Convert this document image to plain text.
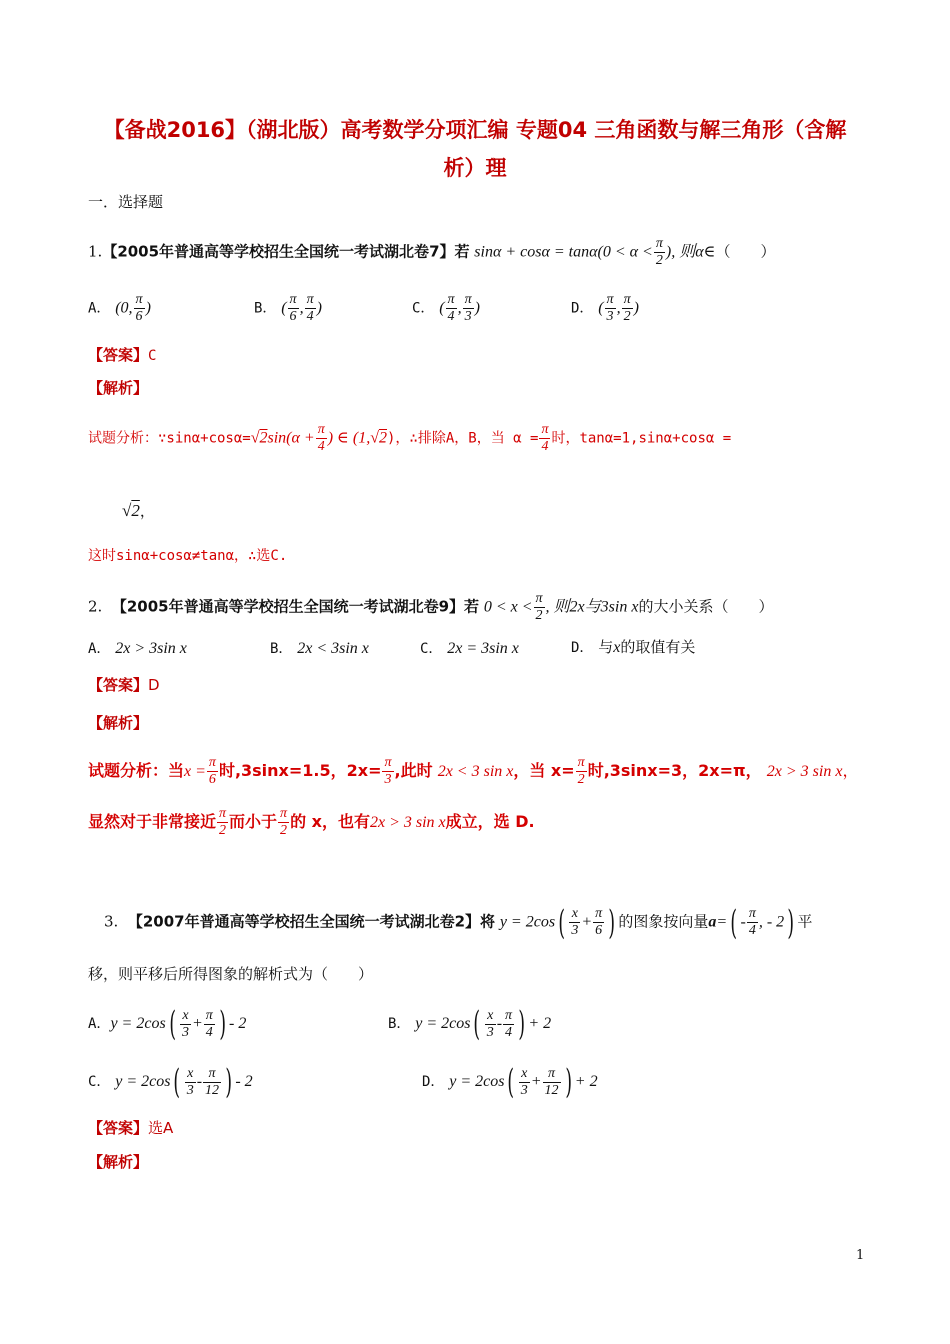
【备战2016】（湖北版）高考数学分项汇编 专题04 三角函数与解三角形（含解
析）理
一．选择题
1.【2005年普通高等学校招生全国统一考试湖北卷7】若 $\sin\alpha + \cos\alpha = \tan\alpha(0 < \alpha < \frac{\pi}{2}$ ), 则α∈（　　）
A． (0, $\frac{\pi}{6}$ )	B． ( $\frac{\pi}{6}$ , $\frac{\pi}{4}$ )	C． ( $\frac{\pi}{4}$ , $\frac{\pi}{3}$ )	D． ( $\frac{\pi}{3}$ , $\frac{\pi}{2}$ )
【答案】C
【解析】
试题分析：∵sinα+cosα=√2sin(α + $\frac{\pi}{4}$ ) ∈ (1,√2)，∴排除A，B，当 $\alpha = \frac{\pi}{4}$ 时，tanα=1,sinα+cosα =
√2，
这时sinα+cosα≠tanα，∴选C.
2. 【2005年普通高等学校招生全国统一考试湖北卷9】若 $0 < x < \frac{\pi}{2}$ , 则2x与3sin x的大小关系（　　）
A． 2x > 3sin x	B． 2x < 3sin x	C． 2x = 3sin x	D． 与x的取值有关
【答案】D
【解析】
试题分析：当$x = \frac{\pi}{6}$ 时,3sinx=1.5，$2x= \frac{\pi}{3}$ ,此时 2x < 3 sin x，当 $x= \frac{\pi}{2}$ 时,3sinx=3，2x=π， 2x > 3 sin x，
显然对于非常接近 $\frac{\pi}{2}$ 而小于 $\frac{\pi}{2}$ 的 x，也有2x > 3 sin x成立，选 D.
3. 【2007年普通高等学校招生全国统一考试湖北卷2】将 $y = 2\cos( \frac{x}{3} + \frac{\pi}{6}$ ) 的图象按向量$a=( - \frac{\pi}{4}$ , - 2) 平
移，则平移后所得图象的解析式为（　　）
A．$y = 2\cos( \frac{x}{3} + \frac{\pi}{4}$ ) - 2	B． $y = 2\cos( \frac{x}{3} - \frac{\pi}{4}$ ) + 2
C． $y = 2\cos( \frac{x}{3} - \frac{\pi}{12}$ ) - 2	D． $y = 2\cos( \frac{x}{3} + \frac{\pi}{12}$ ) + 2
【答案】选A
【解析】
1
